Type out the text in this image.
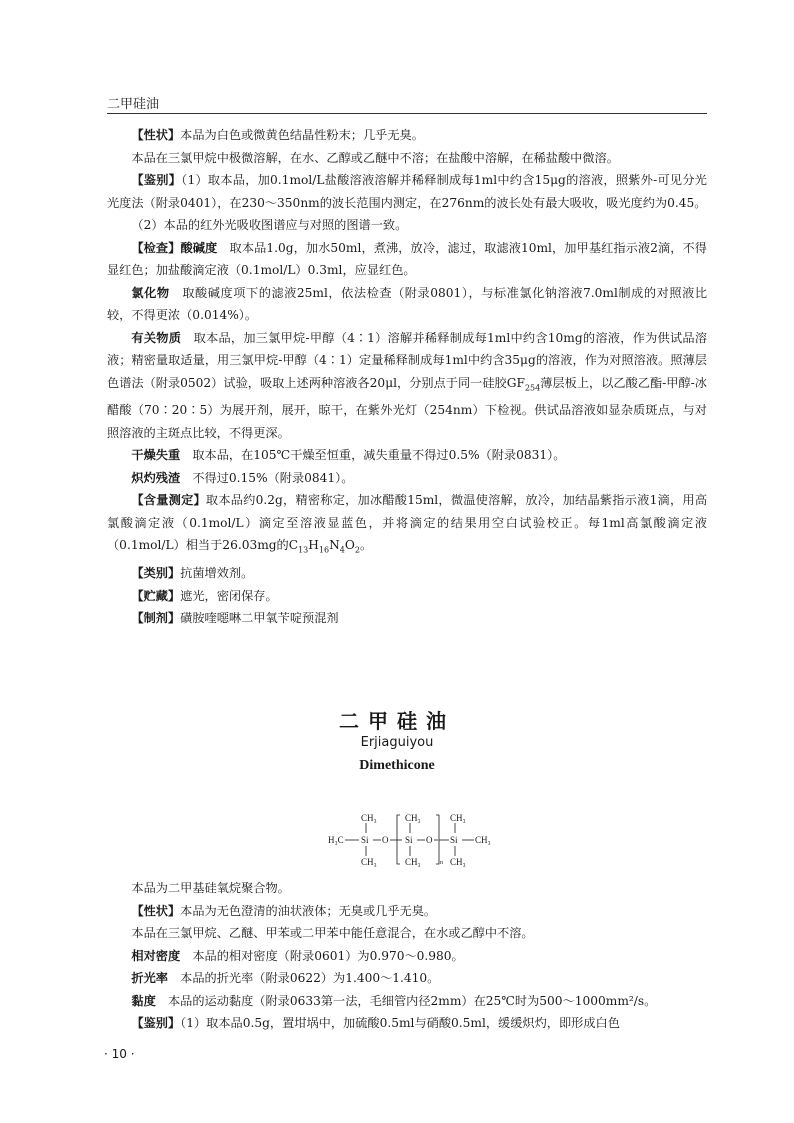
二甲硅油

【性状】本品为白色或微黄色结晶性粉末；几乎无臭。

本品在三氯甲烷中极微溶解，在水、乙醇或乙醚中不溶；在盐酸中溶解，在稀盐酸中微溶。

【鉴别】（1）取本品，加0.1mol/L盐酸溶液溶解并稀释制成每1ml中约含15μg的溶液，照紫外-可见分光光度法（附录0401），在230～350nm的波长范围内测定，在276nm的波长处有最大吸收，吸光度约为0.45。

（2）本品的红外光吸收图谱应与对照的图谱一致。

【检查】酸碱度  取本品1.0g，加水50ml，煮沸，放冷，滤过，取滤液10ml，加甲基红指示液2滴，不得显红色；加盐酸滴定液（0.1mol/L）0.3ml，应显红色。

氯化物  取酸碱度项下的滤液25ml，依法检查（附录0801），与标准氯化钠溶液7.0ml制成的对照液比较，不得更浓（0.014%）。

有关物质  取本品，加三氯甲烷-甲醇（4∶1）溶解并稀释制成每1ml中约含10mg的溶液，作为供试品溶液；精密量取适量，用三氯甲烷-甲醇（4∶1）定量稀释制成每1ml中约含35μg的溶液，作为对照溶液。照薄层色谱法（附录0502）试验，吸取上述两种溶液各20μl，分别点于同一硅胶$GF_{254}$薄层板上，以乙酸乙酯-甲醇-冰醋酸（70∶20∶5）为展开剂，展开，晾干，在紫外光灯（254nm）下检视。供试品溶液如显杂质斑点，与对照溶液的主斑点比较，不得更深。

干燥失重  取本品，在105℃干燥至恒重，减失重量不得过0.5%（附录0831）。

炽灼残渣  不得过0.15%（附录0841）。

【含量测定】取本品约0.2g，精密称定，加冰醋酸15ml，微温使溶解，放冷，加结晶紫指示液1滴，用高氯酸滴定液（0.1mol/L）滴定至溶液显蓝色，并将滴定的结果用空白试验校正。每1ml高氯酸滴定液（0.1mol/L）相当于26.03mg的$C_{13}H_{16}N_4O_2$。

【类别】抗菌增效剂。

【贮藏】遮光，密闭保存。

【制剂】磺胺喹噁啉二甲氧苄啶预混剂

二甲硅油
Erjiaguiyou
Dimethicone
CH₃
H₃C Si
CH₃
O
CH₃
Si
CH₃
O
n
CH₃
Si
CH₃
CH₃

本品为二甲基硅氧烷聚合物。

【性状】本品为无色澄清的油状液体；无臭或几乎无臭。

本品在三氯甲烷、乙醚、甲苯或二甲苯中能任意混合，在水或乙醇中不溶。

相对密度  本品的相对密度（附录0601）为0.970～0.980。

折光率  本品的折光率（附录0622）为1.400～1.410。

黏度  本品的运动黏度（附录0633第一法，毛细管内径2mm）在25℃时为500～1000mm²/s。

【鉴别】（1）取本品0.5g，置坩埚中，加硫酸0.5ml与硝酸0.5ml，缓缓炽灼，即形成白色

· 10 ·
